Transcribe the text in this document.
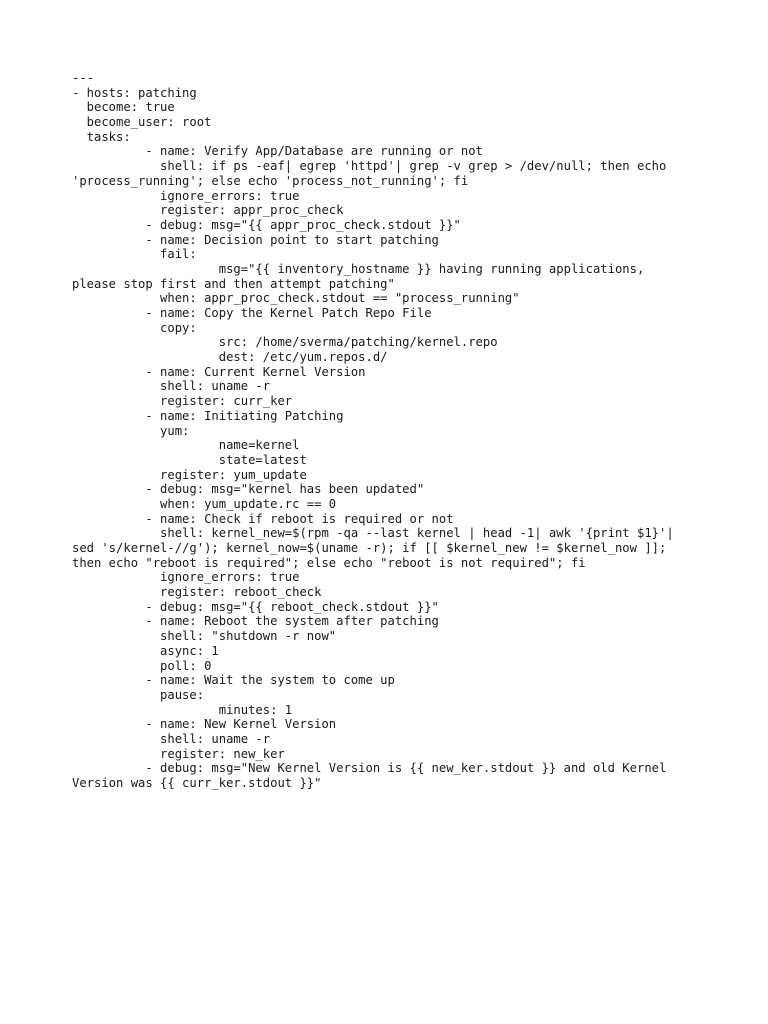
---
- hosts: patching
become: true
become_user: root
tasks:
- name: Verify App/Database are running or not
shell: if ps -eaf| egrep 'httpd'| grep -v grep > /dev/null; then echo
'process_running'; else echo 'process_not_running'; fi
ignore_errors: true
register: appr_proc_check
- debug: msg="{{ appr_proc_check.stdout }}"
- name: Decision point to start patching
fail:
msg="{{ inventory_hostname }} having running applications,
please stop first and then attempt patching"
when: appr_proc_check.stdout == "process_running"
- name: Copy the Kernel Patch Repo File
copy:
src: /home/sverma/patching/kernel.repo
dest: /etc/yum.repos.d/
- name: Current Kernel Version
shell: uname -r
register: curr_ker
- name: Initiating Patching
yum:
name=kernel
state=latest
register: yum_update
- debug: msg="kernel has been updated"
when: yum_update.rc == 0
- name: Check if reboot is required or not
shell: kernel_new=$(rpm -qa --last kernel | head -1| awk '{print $1}'|
sed 's/kernel-//g'); kernel_now=$(uname -r); if [[ $kernel_new != $kernel_now ]];
then echo "reboot is required"; else echo "reboot is not required"; fi
ignore_errors: true
register: reboot_check
- debug: msg="{{ reboot_check.stdout }}"
- name: Reboot the system after patching
shell: "shutdown -r now"
async: 1
poll: 0
- name: Wait the system to come up
pause:
minutes: 1
- name: New Kernel Version
shell: uname -r
register: new_ker
- debug: msg="New Kernel Version is {{ new_ker.stdout }} and old Kernel
Version was {{ curr_ker.stdout }}"
